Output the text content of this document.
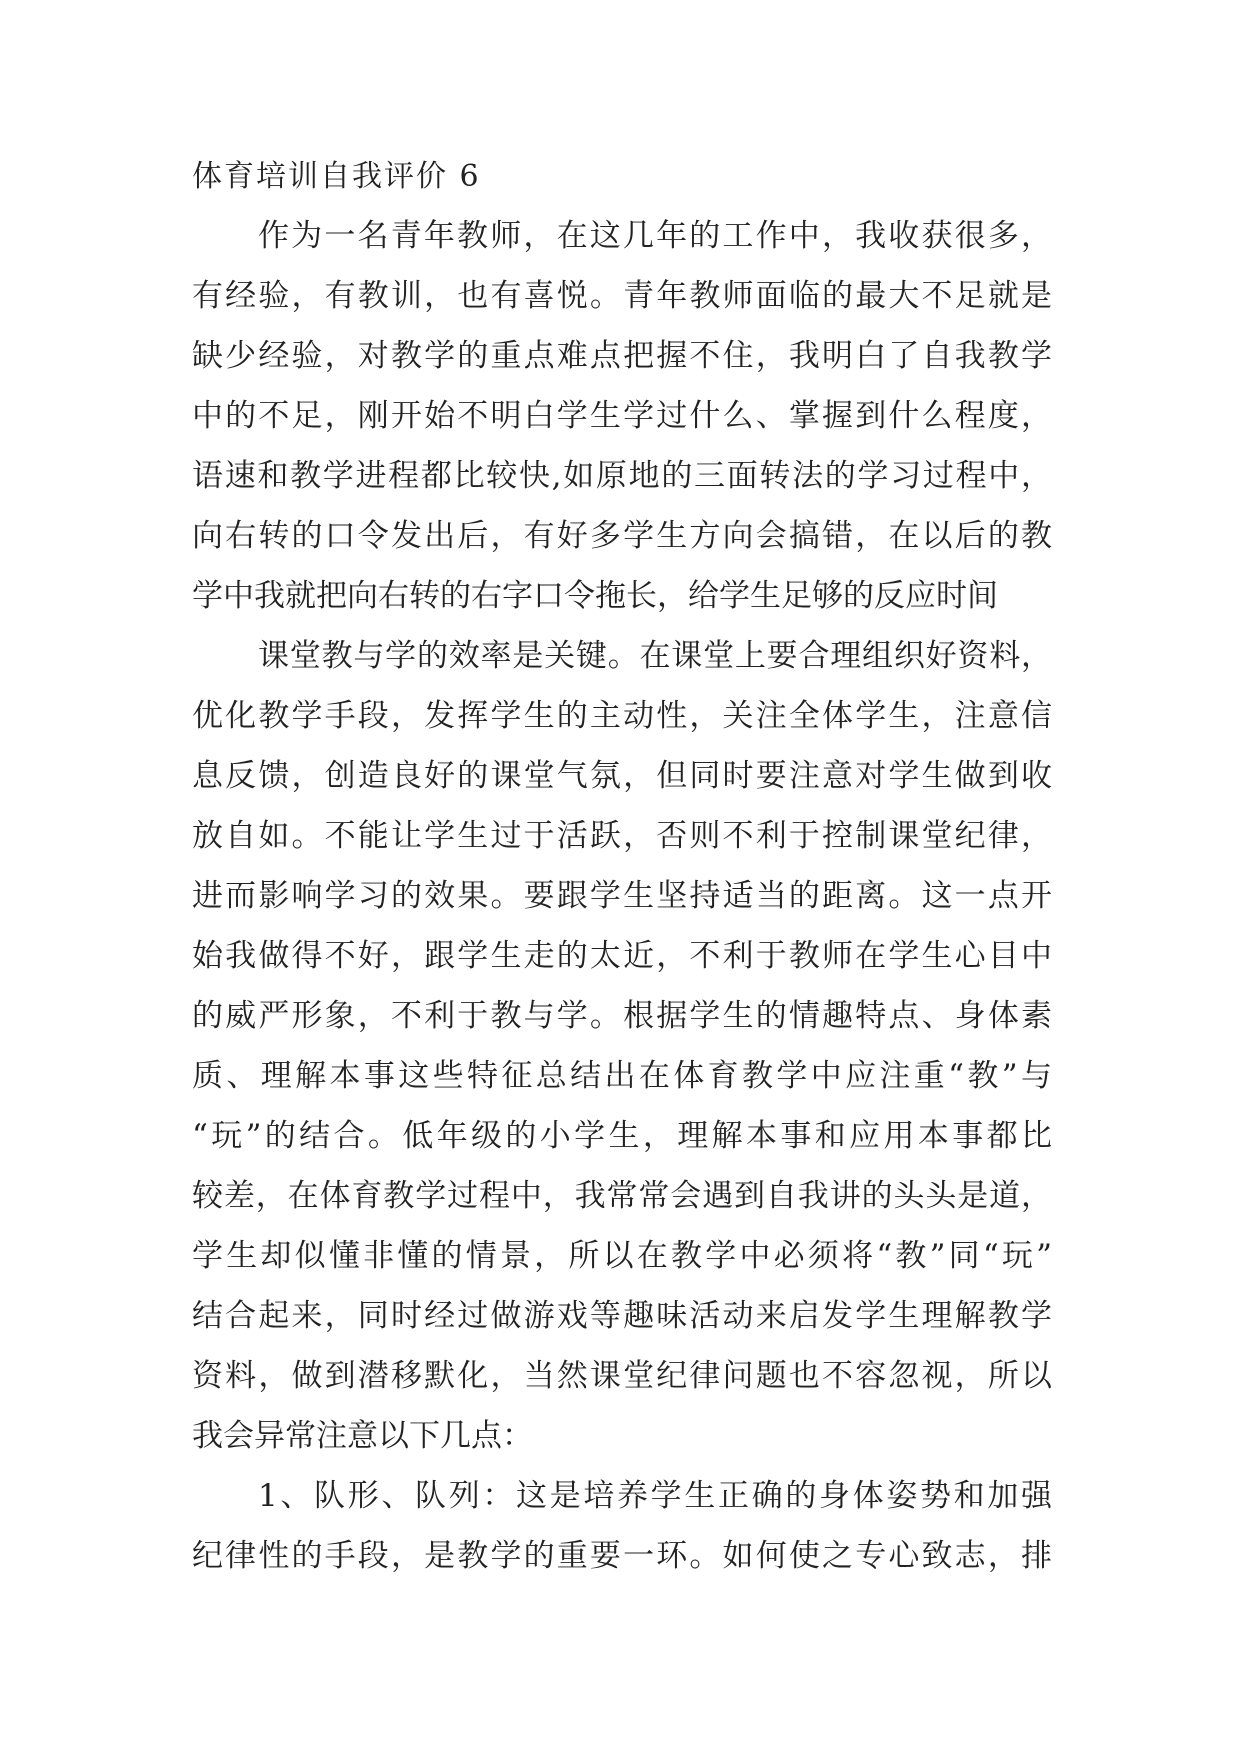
体育培训自我评价 6
作为一名青年教师，在这几年的工作中，我收获很多，
有经验，有教训，也有喜悦。青年教师面临的最大不足就是
缺少经验，对教学的重点难点把握不住，我明白了自我教学
中的不足，刚开始不明白学生学过什么、掌握到什么程度，
语速和教学进程都比较快,如原地的三面转法的学习过程中，
向右转的口令发出后，有好多学生方向会搞错，在以后的教
学中我就把向右转的右字口令拖长，给学生足够的反应时间
课堂教与学的效率是关键。在课堂上要合理组织好资料，
优化教学手段，发挥学生的主动性，关注全体学生，注意信
息反馈，创造良好的课堂气氛，但同时要注意对学生做到收
放自如。不能让学生过于活跃，否则不利于控制课堂纪律，
进而影响学习的效果。要跟学生坚持适当的距离。这一点开
始我做得不好，跟学生走的太近，不利于教师在学生心目中
的威严形象，不利于教与学。根据学生的情趣特点、身体素
质、理解本事这些特征总结出在体育教学中应注重“教”与
“玩”的结合。低年级的小学生，理解本事和应用本事都比
较差，在体育教学过程中，我常常会遇到自我讲的头头是道，
学生却似懂非懂的情景，所以在教学中必须将“教”同“玩”
结合起来，同时经过做游戏等趣味活动来启发学生理解教学
资料，做到潜移默化，当然课堂纪律问题也不容忽视，所以
我会异常注意以下几点：
1、队形、队列：这是培养学生正确的身体姿势和加强
纪律性的手段，是教学的重要一环。如何使之专心致志，排
